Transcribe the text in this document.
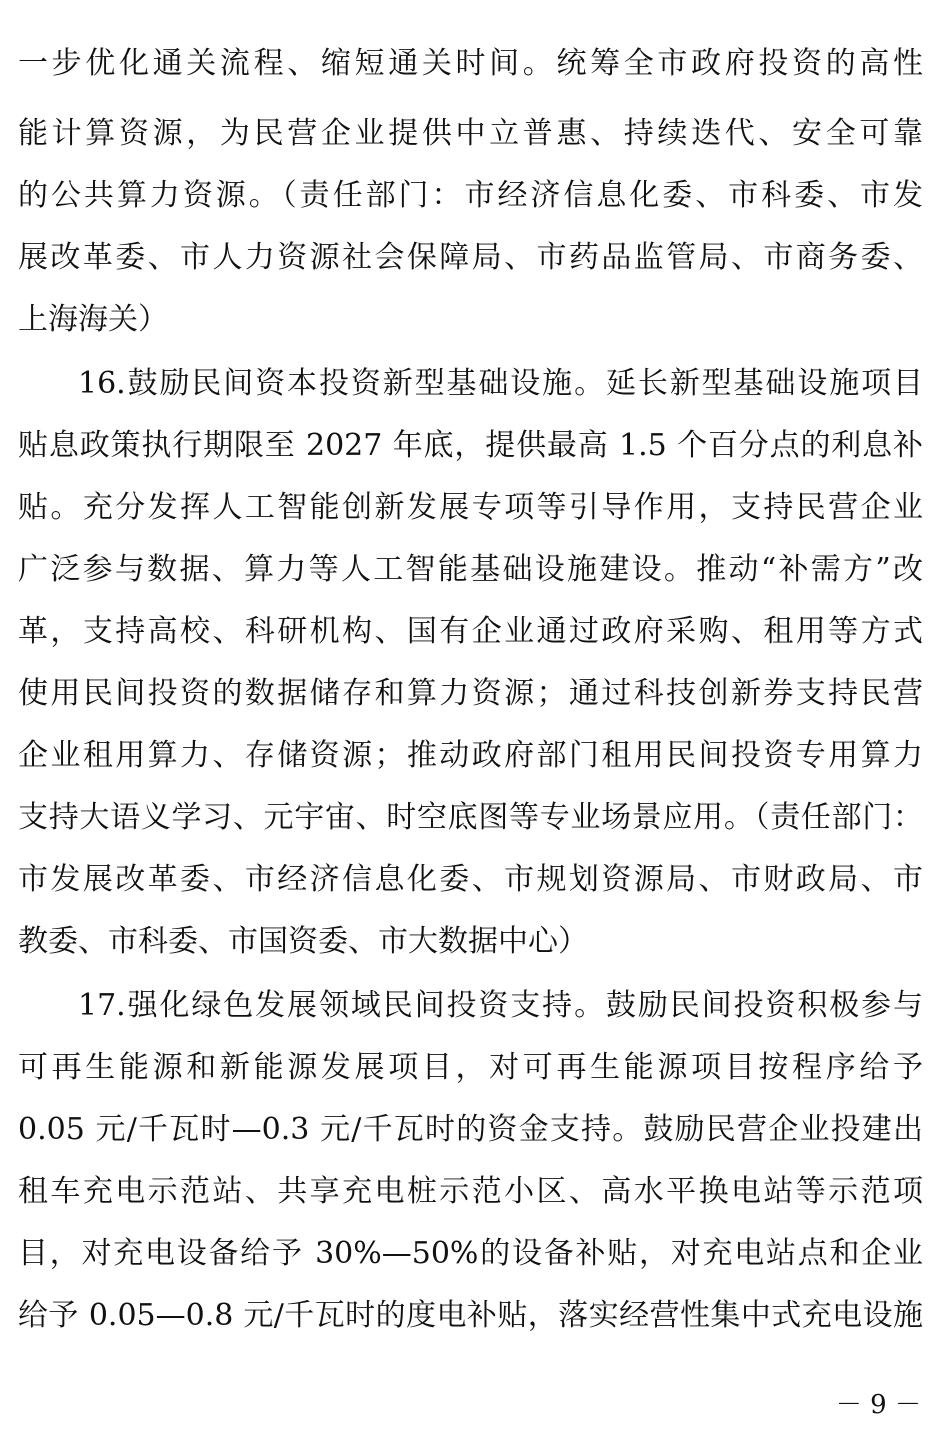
一步优化通关流程、缩短通关时间。统筹全市政府投资的高性
能计算资源，为民营企业提供中立普惠、持续迭代、安全可靠
的公共算力资源。（责任部门：市经济信息化委、市科委、市发
展改革委、市人力资源社会保障局、市药品监管局、市商务委、
上海海关）
16.鼓励民间资本投资新型基础设施。延长新型基础设施项目
贴息政策执行期限至 2027 年底，提供最高 1.5 个百分点的利息补
贴。充分发挥人工智能创新发展专项等引导作用，支持民营企业
广泛参与数据、算力等人工智能基础设施建设。推动“补需方”改
革，支持高校、科研机构、国有企业通过政府采购、租用等方式
使用民间投资的数据储存和算力资源；通过科技创新券支持民营
企业租用算力、存储资源；推动政府部门租用民间投资专用算力
支持大语义学习、元宇宙、时空底图等专业场景应用。（责任部门：
市发展改革委、市经济信息化委、市规划资源局、市财政局、市
教委、市科委、市国资委、市大数据中心）
17.强化绿色发展领域民间投资支持。鼓励民间投资积极参与
可再生能源和新能源发展项目，对可再生能源项目按程序给予
0.05 元/千瓦时—0.3 元/千瓦时的资金支持。鼓励民营企业投建出
租车充电示范站、共享充电桩示范小区、高水平换电站等示范项
目，对充电设备给予 30%—50%的设备补贴，对充电站点和企业
给予 0.05—0.8 元/千瓦时的度电补贴，落实经营性集中式充电设施
－ 9 －
